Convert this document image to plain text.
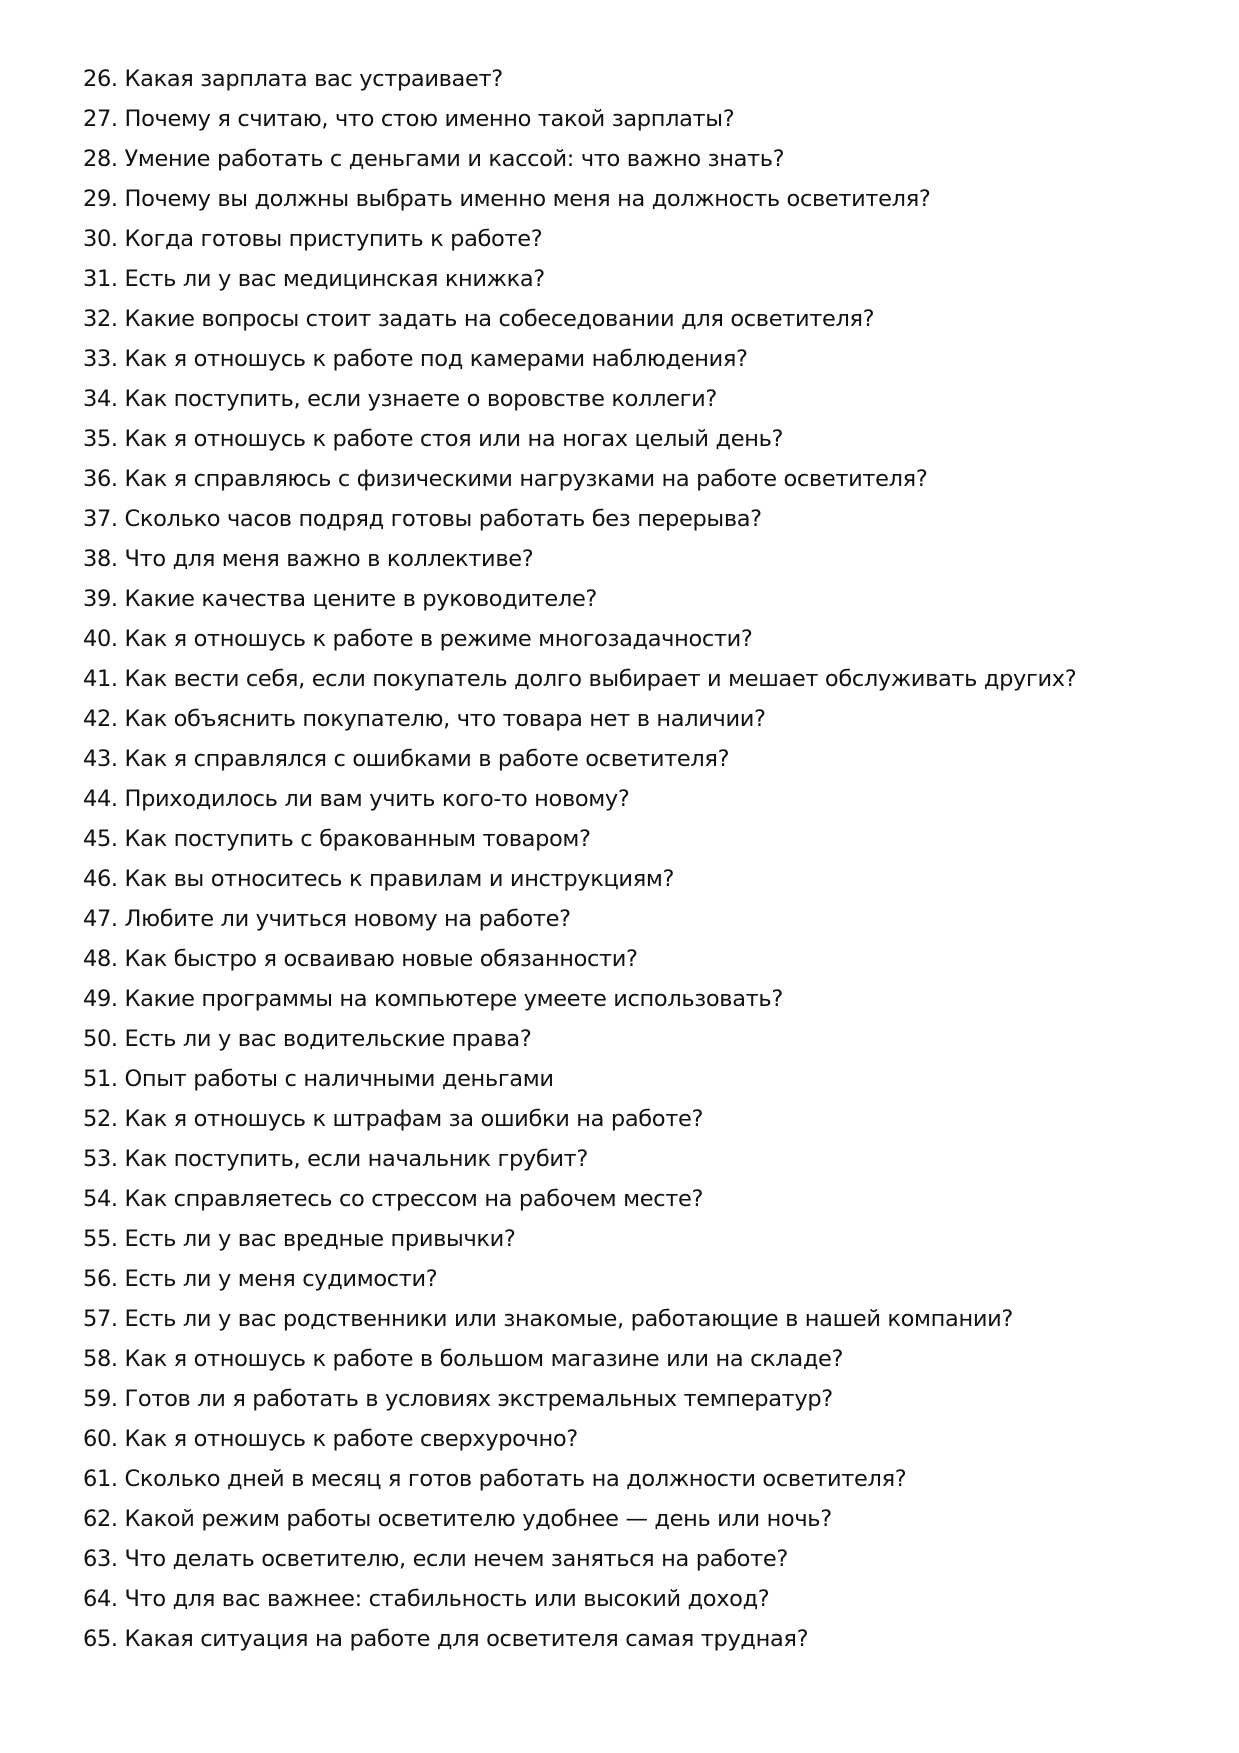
26. Какая зарплата вас устраивает?
27. Почему я считаю, что стою именно такой зарплаты?
28. Умение работать с деньгами и кассой: что важно знать?
29. Почему вы должны выбрать именно меня на должность осветителя?
30. Когда готовы приступить к работе?
31. Есть ли у вас медицинская книжка?
32. Какие вопросы стоит задать на собеседовании для осветителя?
33. Как я отношусь к работе под камерами наблюдения?
34. Как поступить, если узнаете о воровстве коллеги?
35. Как я отношусь к работе стоя или на ногах целый день?
36. Как я справляюсь с физическими нагрузками на работе осветителя?
37. Сколько часов подряд готовы работать без перерыва?
38. Что для меня важно в коллективе?
39. Какие качества цените в руководителе?
40. Как я отношусь к работе в режиме многозадачности?
41. Как вести себя, если покупатель долго выбирает и мешает обслуживать других?
42. Как объяснить покупателю, что товара нет в наличии?
43. Как я справлялся с ошибками в работе осветителя?
44. Приходилось ли вам учить кого-то новому?
45. Как поступить с бракованным товаром?
46. Как вы относитесь к правилам и инструкциям?
47. Любите ли учиться новому на работе?
48. Как быстро я осваиваю новые обязанности?
49. Какие программы на компьютере умеете использовать?
50. Есть ли у вас водительские права?
51. Опыт работы с наличными деньгами
52. Как я отношусь к штрафам за ошибки на работе?
53. Как поступить, если начальник грубит?
54. Как справляетесь со стрессом на рабочем месте?
55. Есть ли у вас вредные привычки?
56. Есть ли у меня судимости?
57. Есть ли у вас родственники или знакомые, работающие в нашей компании?
58. Как я отношусь к работе в большом магазине или на складе?
59. Готов ли я работать в условиях экстремальных температур?
60. Как я отношусь к работе сверхурочно?
61. Сколько дней в месяц я готов работать на должности осветителя?
62. Какой режим работы осветителю удобнее — день или ночь?
63. Что делать осветителю, если нечем заняться на работе?
64. Что для вас важнее: стабильность или высокий доход?
65. Какая ситуация на работе для осветителя самая трудная?
